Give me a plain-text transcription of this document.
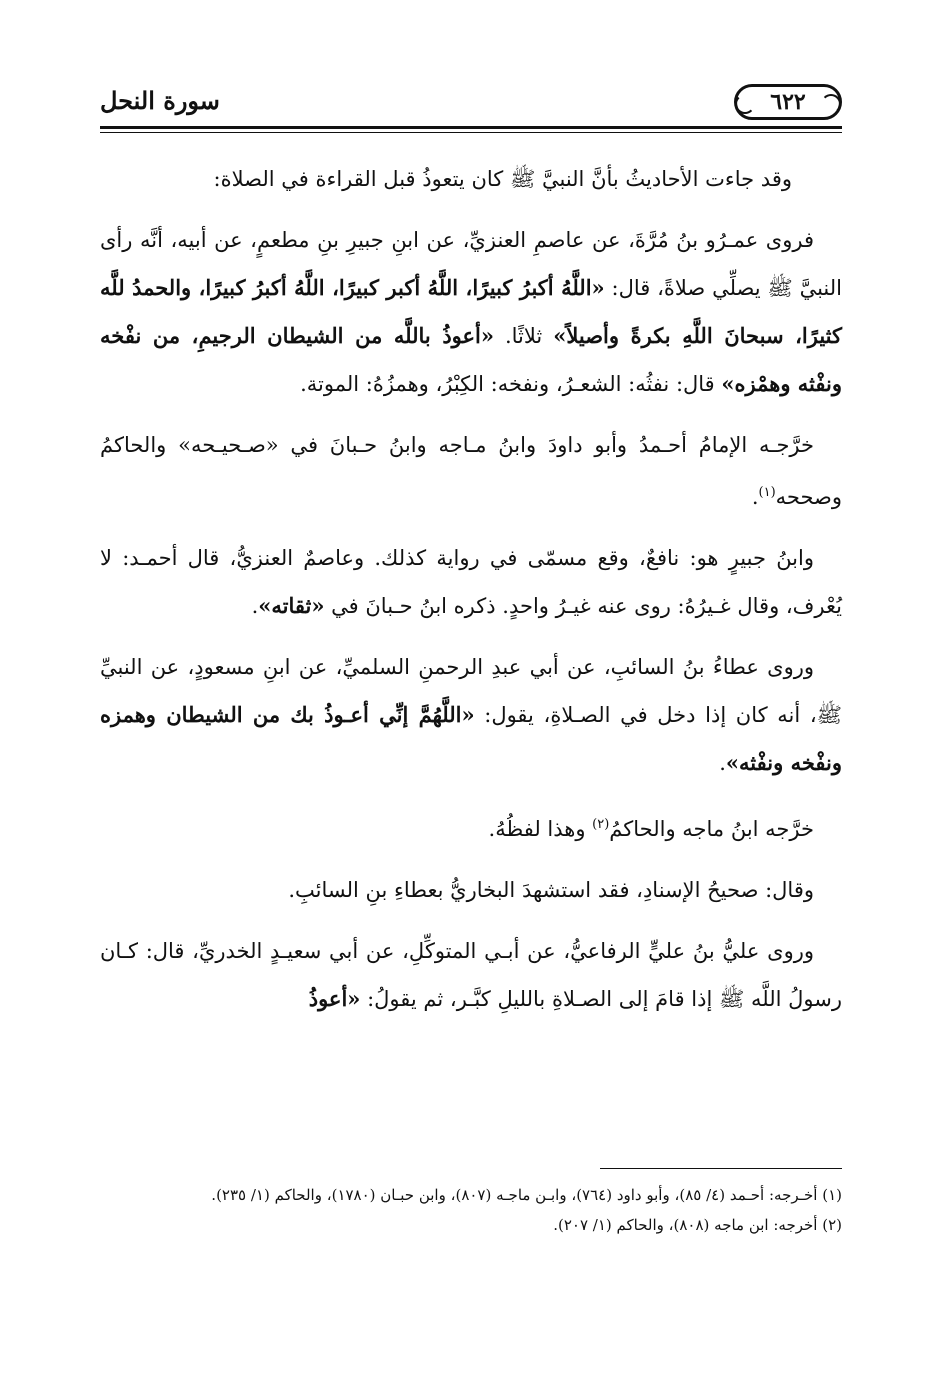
٦٢٢
سورة النحل

وقد جاءت الأحاديثُ بأنَّ النبيَّ ﷺ كان يتعوذُ قبل القراءة في الصلاة:

فروى عمـرُو بنُ مُرَّةَ، عن عاصمِ العنزيِّ، عن ابنِ جبيرِ بنِ مطعمٍ، عن أبيه، أنَّه رأى النبيَّ ﷺ يصلِّي صلاةً، قال: «اللَّهُ أكبرُ كبيرًا، اللَّهُ أكبر كبيرًا، اللَّهُ أكبرُ كبيرًا، والحمدُ للَّه كثيرًا، سبحانَ اللَّهِ بكرةً وأصيلاً» ثلاثًا. «أعوذُ باللَّه من الشيطان الرجيمِ، من نفْخه ونفْثه وهمْزه» قال: نفثُه: الشعـرُ، ونفخه: الكِبْرُ، وهمزُهُ: الموتة.

خرَّجـه الإمامُ أحـمدُ وأبو داودَ وابنُ مـاجه وابنُ حـبانَ في «صـحيـحه» والحاكمُ وصححه$^{(١)}$.

وابنُ جبيرٍ هو: نافعٌ، وقع مسمّى في رواية كذلك. وعاصمٌ العنزيُّ، قال أحمـد: لا يُعْرف، وقال غـيرُهُ: روى عنه غيـرُ واحدٍ. ذكره ابنُ حـبانَ في «ثقاته».

وروى عطاءُ بنُ السائبِ، عن أبي عبدِ الرحمنِ السلميِّ، عن ابنِ مسعودٍ، عن النبيِّ ﷺ، أنه كان إذا دخل في الصـلاةِ، يقول: «اللَّهُمَّ إنِّي أعـوذُ بك من الشيطان وهمزه ونفْخه ونفْثه».

خرَّجه ابنُ ماجه والحاكمُ$^{(٢)}$ وهذا لفظُهُ.

وقال: صحيحُ الإسنادِ، فقد استشهدَ البخاريُّ بعطاءِ بنِ السائبِ.

وروى عليُّ بنُ عليٍّ الرفاعيُّ، عن أبـي المتوكِّلِ، عن أبي سعيـدٍ الخدريِّ، قال: كـان رسولُ اللَّه ﷺ إذا قامَ إلى الصـلاةِ بالليلِ كبَّـر، ثم يقولُ: «أعوذُ

(١) أخـرجه: أحـمد (٤/ ٨٥)، وأبو داود (٧٦٤)، وابـن ماجـه (٨٠٧)، وابن حبـان (١٧٨٠)، والحاكم (١/ ٢٣٥).

(٢) أخرجه: ابن ماجه (٨٠٨)، والحاكم (١/ ٢٠٧).
